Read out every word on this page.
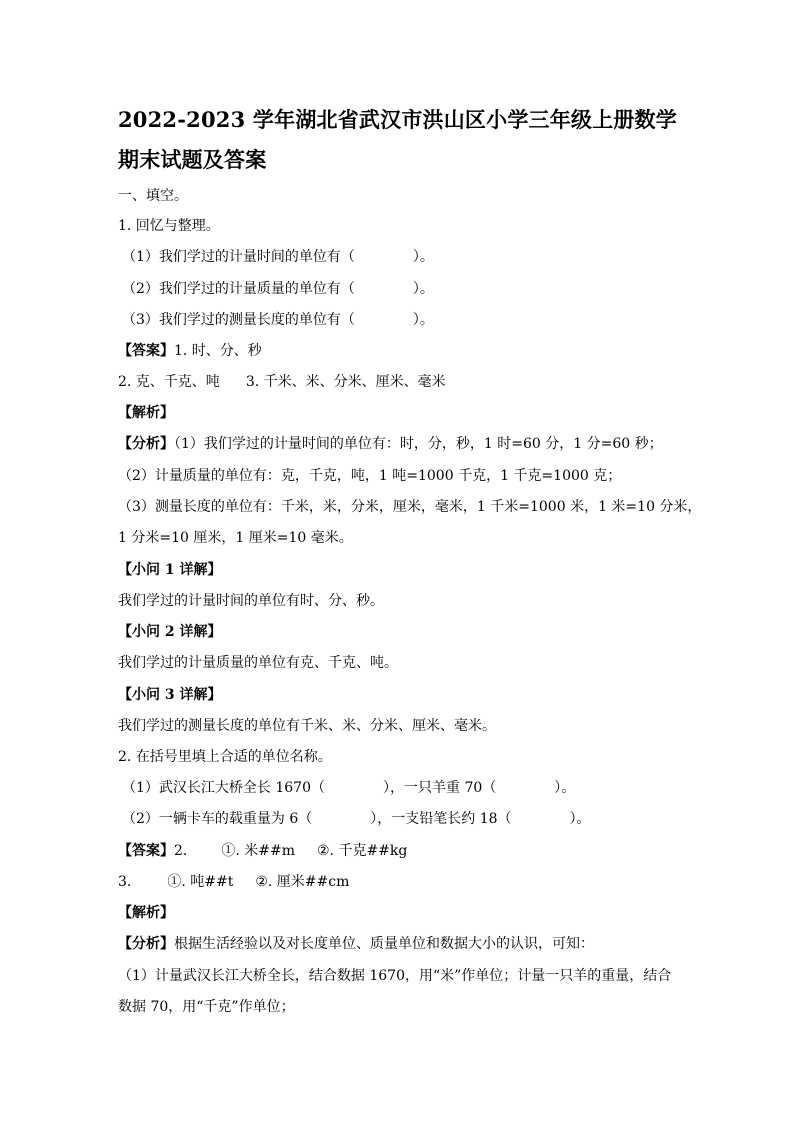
2022-2023 学年湖北省武汉市洪山区小学三年级上册数学期末试题及答案
一、填空。
1. 回忆与整理。
（1）我们学过的计量时间的单位有（	）。
（2）我们学过的计量质量的单位有（	）。
（3）我们学过的测量长度的单位有（	）。
【答案】1. 时、分、秒
2. 克、千克、吨 3. 千米、米、分米、厘米、毫米
【解析】
【分析】（1）我们学过的计量时间的单位有：时，分，秒，1 时=60 分，1 分=60 秒；
（2）计量质量的单位有：克，千克，吨，1 吨=1000 千克，1 千克=1000 克；
（3）测量长度的单位有：千米，米，分米，厘米，毫米，1 千米=1000 米，1 米=10 分米，
1 分米=10 厘米，1 厘米=10 毫米。
【小问 1 详解】
我们学过的计量时间的单位有时、分、秒。
【小问 2 详解】
我们学过的计量质量的单位有克、千克、吨。
【小问 3 详解】
我们学过的测量长度的单位有千米、米、分米、厘米、毫米。
2. 在括号里填上合适的单位名称。
（1）武汉长江大桥全长 1670（	），一只羊重 70（	）。
（2）一辆卡车的载重量为 6（	），一支铅笔长约 18（	）。
【答案】2. ①. 米##m ②. 千克##kg
3.	①. 吨##t ②. 厘米##cm
【解析】
【分析】根据生活经验以及对长度单位、质量单位和数据大小的认识，可知：
（1）计量武汉长江大桥全长，结合数据 1670，用“米”作单位；计量一只羊的重量，结合
数据 70，用“千克”作单位；
